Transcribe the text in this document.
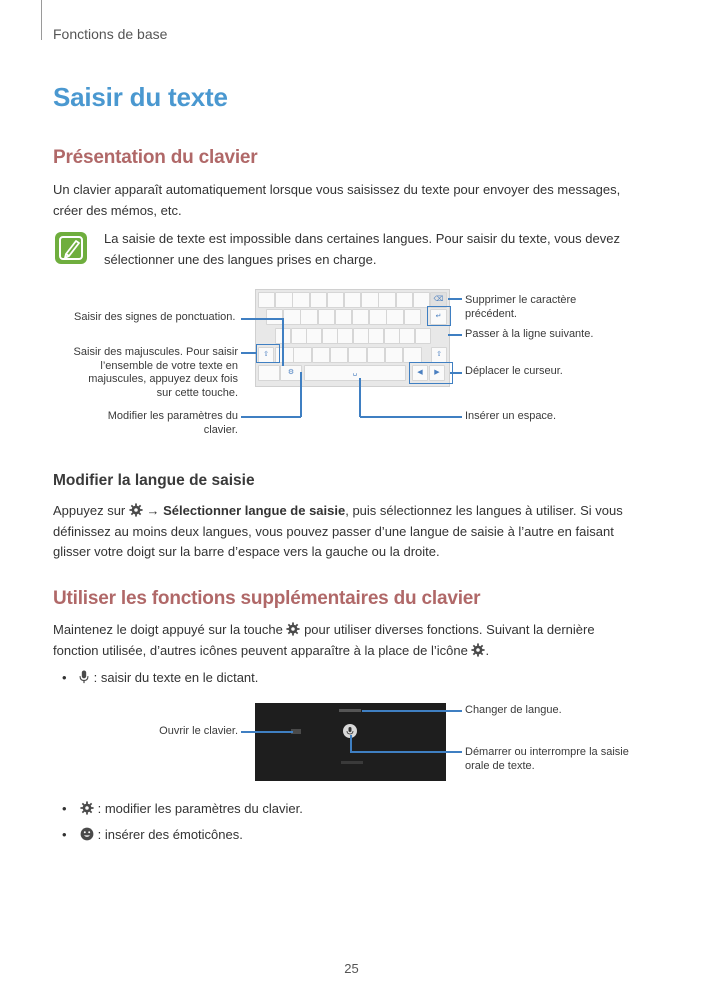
Fonctions de base
Saisir du texte
Présentation du clavier
Un clavier apparaît automatiquement lorsque vous saisissez du texte pour envoyer des messages,
créer des mémos, etc.
La saisie de texte est impossible dans certaines langues. Pour saisir du texte, vous devez
sélectionner une des langues prises en charge.
⇧	⇧
↵
⌫
⚙	␣	◀	▶
Saisir des signes de ponctuation.
Saisir des majuscules. Pour saisir
l’ensemble de votre texte en
majuscules, appuyez deux fois
sur cette touche.
Modifier les paramètres du
clavier.
Supprimer le caractère
précédent.
Passer à la ligne suivante.
Déplacer le curseur.
Insérer un espace.
Modifier la langue de saisie
Appuyez sur → Sélectionner langue de saisie, puis sélectionnez les langues à utiliser. Si vous
définissez au moins deux langues, vous pouvez passer d’une langue de saisie à l’autre en faisant
glisser votre doigt sur la barre d’espace vers la gauche ou la droite.
Utiliser les fonctions supplémentaires du clavier
Maintenez le doigt appuyé sur la touche pour utiliser diverses fonctions. Suivant la dernière
fonction utilisée, d’autres icônes peuvent apparaître à la place de l’icône .
•	: saisir du texte en le dictant.
Ouvrir le clavier.
Changer de langue.
Démarrer ou interrompre la saisie
orale de texte.
•	: modifier les paramètres du clavier.
•	: insérer des émoticônes.
25
